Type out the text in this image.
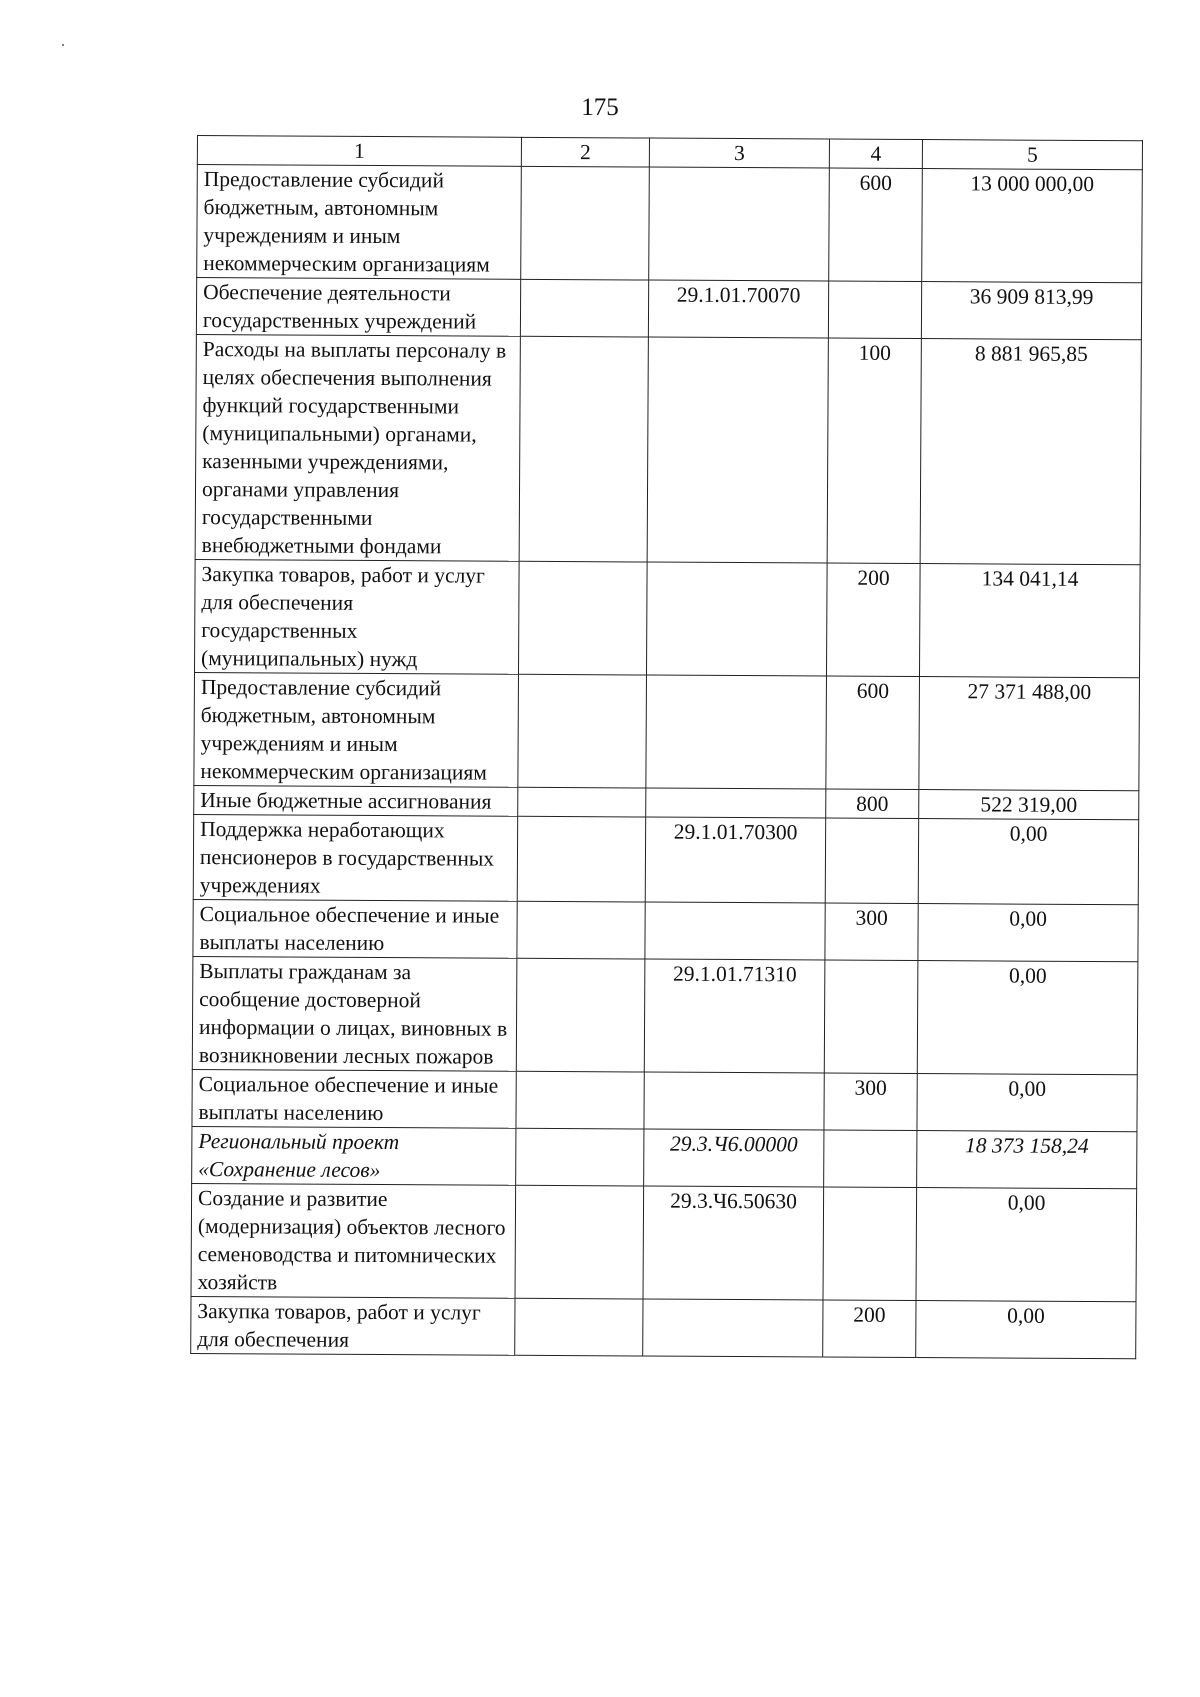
175
1	2	3	4	5
Предоставление субсидий бюджетным, автономным учреждениям и иным некоммерческим организациям			600	13 000 000,00
Обеспечение деятельности государственных учреждений		29.1.01.70070		36 909 813,99
Расходы на выплаты персоналу в целях обеспечения выполнения функций государственными (муниципальными) органами, казенными учреждениями, органами управления государственными внебюджетными фондами			100	8 881 965,85
Закупка товаров, работ и услуг для обеспечения государственных (муниципальных) нужд			200	134 041,14
Предоставление субсидий бюджетным, автономным учреждениям и иным некоммерческим организациям			600	27 371 488,00
Иные бюджетные ассигнования			800	522 319,00
Поддержка неработающих пенсионеров в государственных учреждениях		29.1.01.70300		0,00
Социальное обеспечение и иные выплаты населению			300	0,00
Выплаты гражданам за сообщение достоверной информации о лицах, виновных в возникновении лесных пожаров		29.1.01.71310		0,00
Социальное обеспечение и иные выплаты населению			300	0,00
Региональный проект «Сохранение лесов»		29.3.Ч6.00000		18 373 158,24
Создание и развитие (модернизация) объектов лесного семеноводства и питомнических хозяйств		29.3.Ч6.50630		0,00
Закупка товаров, работ и услуг для обеспечения			200	0,00
